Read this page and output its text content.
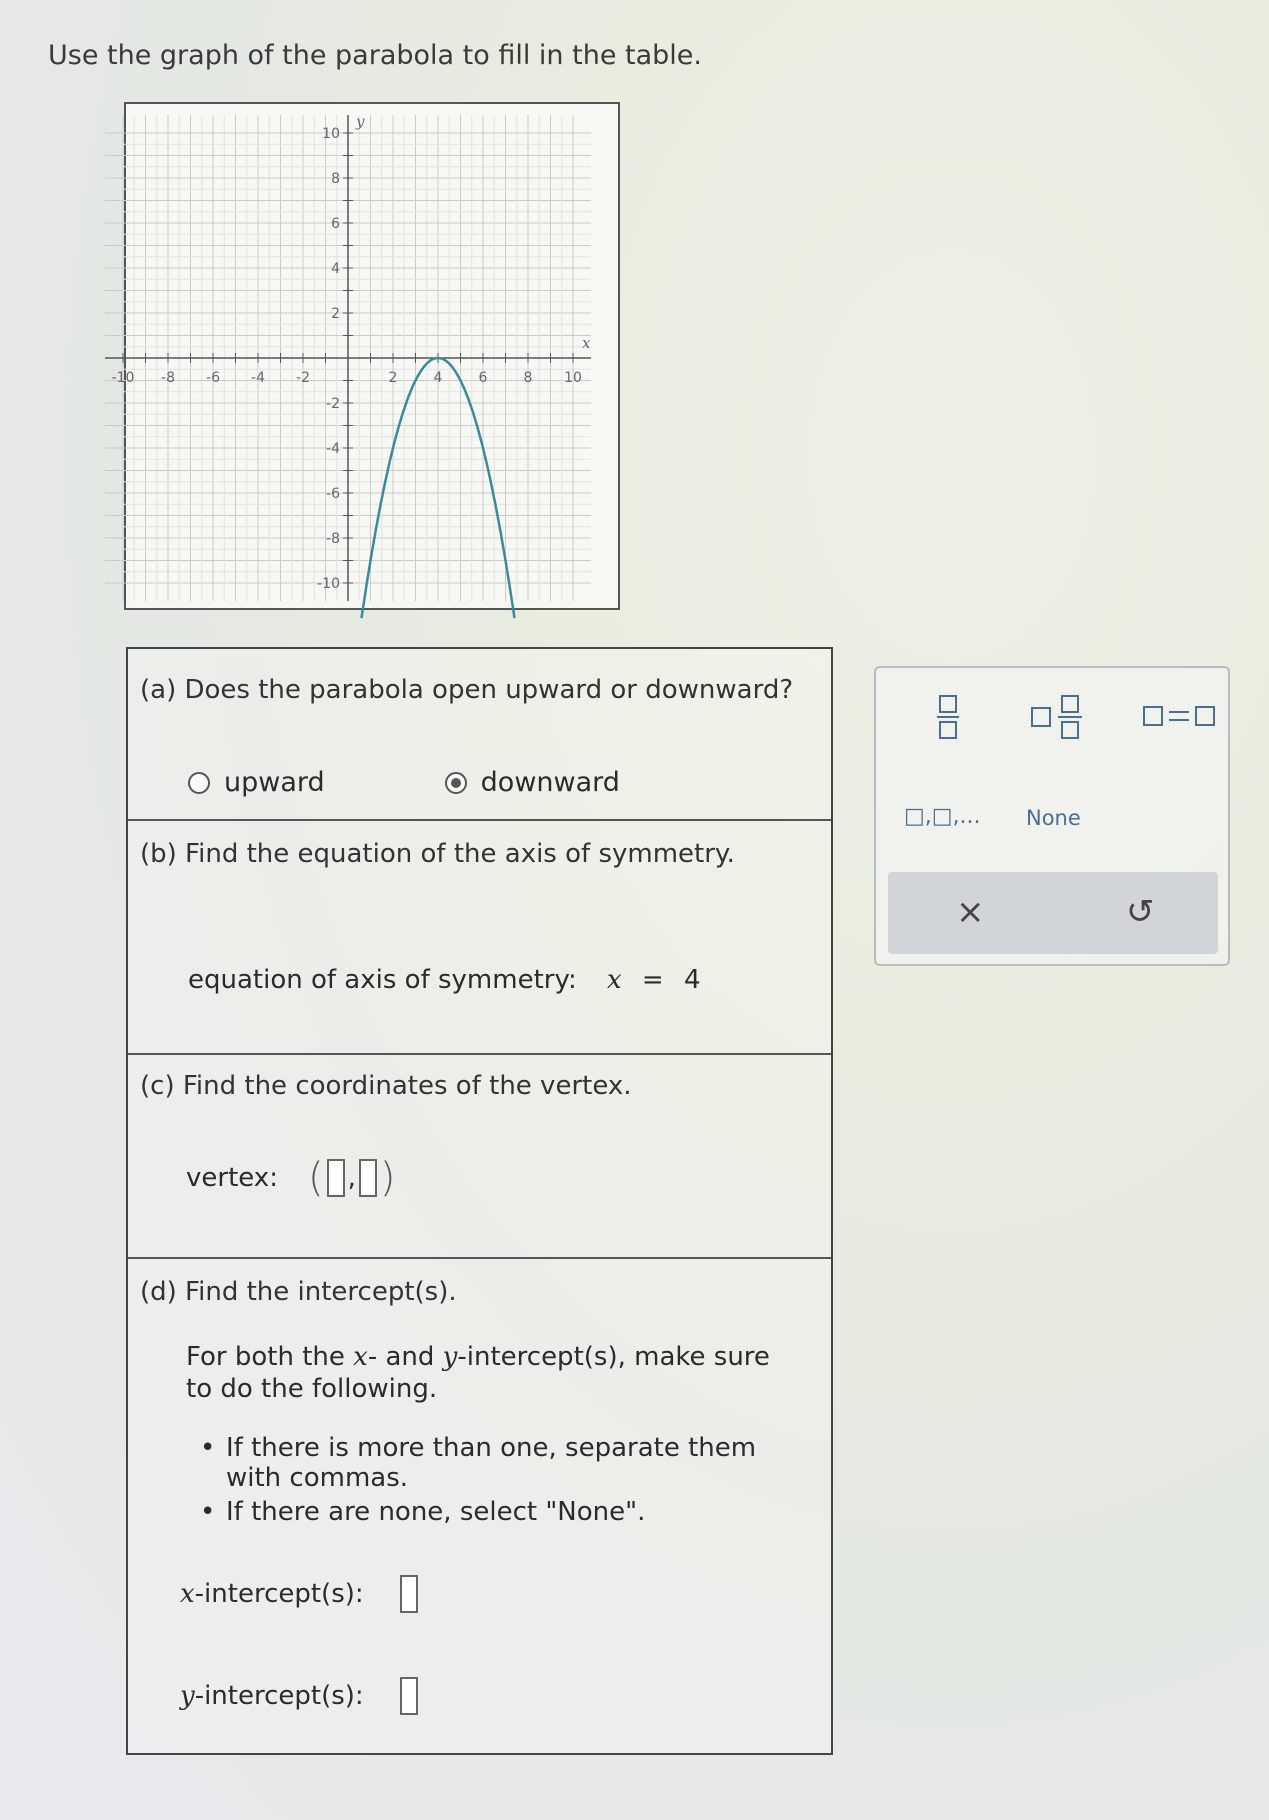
Use the graph of the parabola to fill in the table.
-10 -8 -6 -4 -2	2	4	6	8 10
10
8
6
4
2
-2
-4
-6
-8
-10
x
y
(a) Does the parabola open upward or downward?
upward	downward
(b) Find the equation of the axis of symmetry.
equation of axis of symmetry: x = 4
(c) Find the coordinates of the vertex.
vertex: ( , )
(d) Find the intercept(s).
For both the x- and y-intercept(s), make sure
to do the following.
• If there is more than one, separate them
with commas.
• If there are none, select "None".
x -intercept(s):
y -intercept(s):
□,□,... None
×	↺
